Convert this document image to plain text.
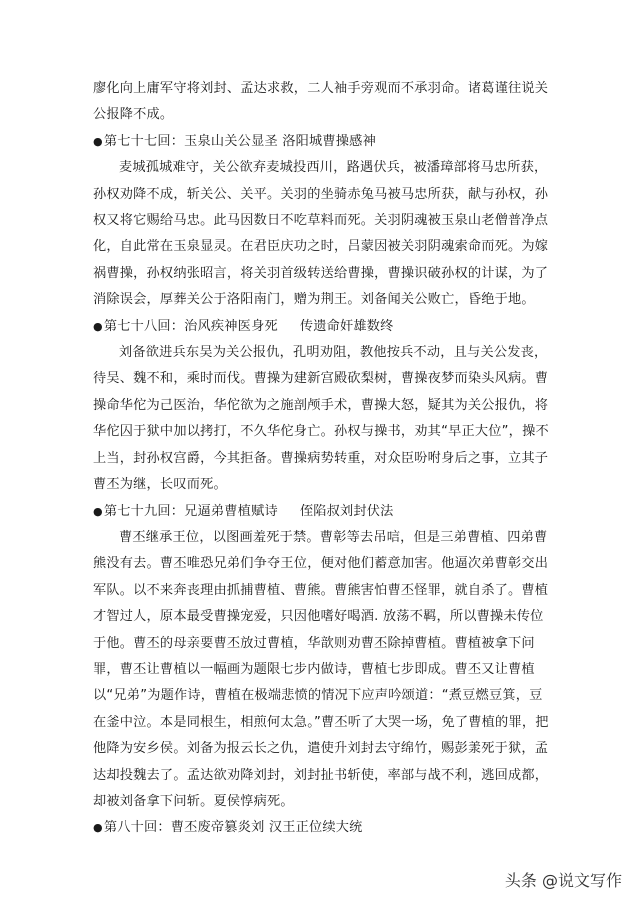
廖化向上庸军守将刘封、孟达求救，二人袖手旁观而不承羽命。诸葛谨往说关公报降不成。

●第七十七回：玉泉山关公显圣 洛阳城曹操感神

麦城孤城难守，关公欲弃麦城投西川，路遇伏兵，被潘璋部将马忠所获，孙权劝降不成，斩关公、关平。关羽的坐骑赤兔马被马忠所获，献与孙权，孙权又将它赐给马忠。此马因数日不吃草料而死。关羽阴魂被玉泉山老僧普净点化，自此常在玉泉显灵。在君臣庆功之时，吕蒙因被关羽阴魂索命而死。为嫁祸曹操，孙权纳张昭言，将关羽首级转送给曹操，曹操识破孙权的计谋，为了消除误会，厚葬关公于洛阳南门，赠为荆王。刘备闻关公败亡，昏绝于地。

●第七十八回：治风疾神医身死 传遗命奸雄数终

刘备欲进兵东吴为关公报仇，孔明劝阻，教他按兵不动，且与关公发丧，待吴、魏不和，乘时而伐。曹操为建新宫殿砍梨树，曹操夜梦而染头风病。曹操命华佗为己医治，华佗欲为之施剖颅手术，曹操大怒，疑其为关公报仇，将华佗囚于狱中加以拷打，不久华佗身亡。孙权与操书，劝其“早正大位”，操不上当，封孙权宫爵，今其拒备。曹操病势转重，对众臣吩咐身后之事，立其子曹丕为继，长叹而死。

●第七十九回：兄逼弟曹植赋诗 侄陷叔刘封伏法

曹丕继承王位，以图画羞死于禁。曹彰等去吊唁，但是三弟曹植、四弟曹熊没有去。曹丕唯恐兄弟们争夺王位，便对他们蓄意加害。他逼次弟曹彰交出军队。以不来奔丧理由抓捕曹植、曹熊。曹熊害怕曹丕怪罪，就自杀了。曹植才智过人，原本最受曹操宠爱，只因他嗜好喝酒. 放荡不羁，所以曹操未传位于他。曹丕的母亲要曹丕放过曹植，华歆则劝曹丕除掉曹植。曹植被拿下问罪，曹丕让曹植以一幅画为题限七步内做诗，曹植七步即成。曹丕又让曹植以“兄弟”为题作诗，曹植在极端悲愤的情况下应声吟颂道：“煮豆燃豆箕，豆在釜中泣。本是同根生，相煎何太急。”曹丕听了大哭一场，免了曹植的罪，把他降为安乡侯。刘备为报云长之仇，遣使升刘封去守绵竹，赐彭羕死于狱，孟达却投魏去了。孟达欲劝降刘封，刘封扯书斩使，率部与战不利，逃回成都，却被刘备拿下问斩。夏侯惇病死。

●第八十回：曹丕废帝篡炎刘 汉王正位续大统

头条 @说文写作
